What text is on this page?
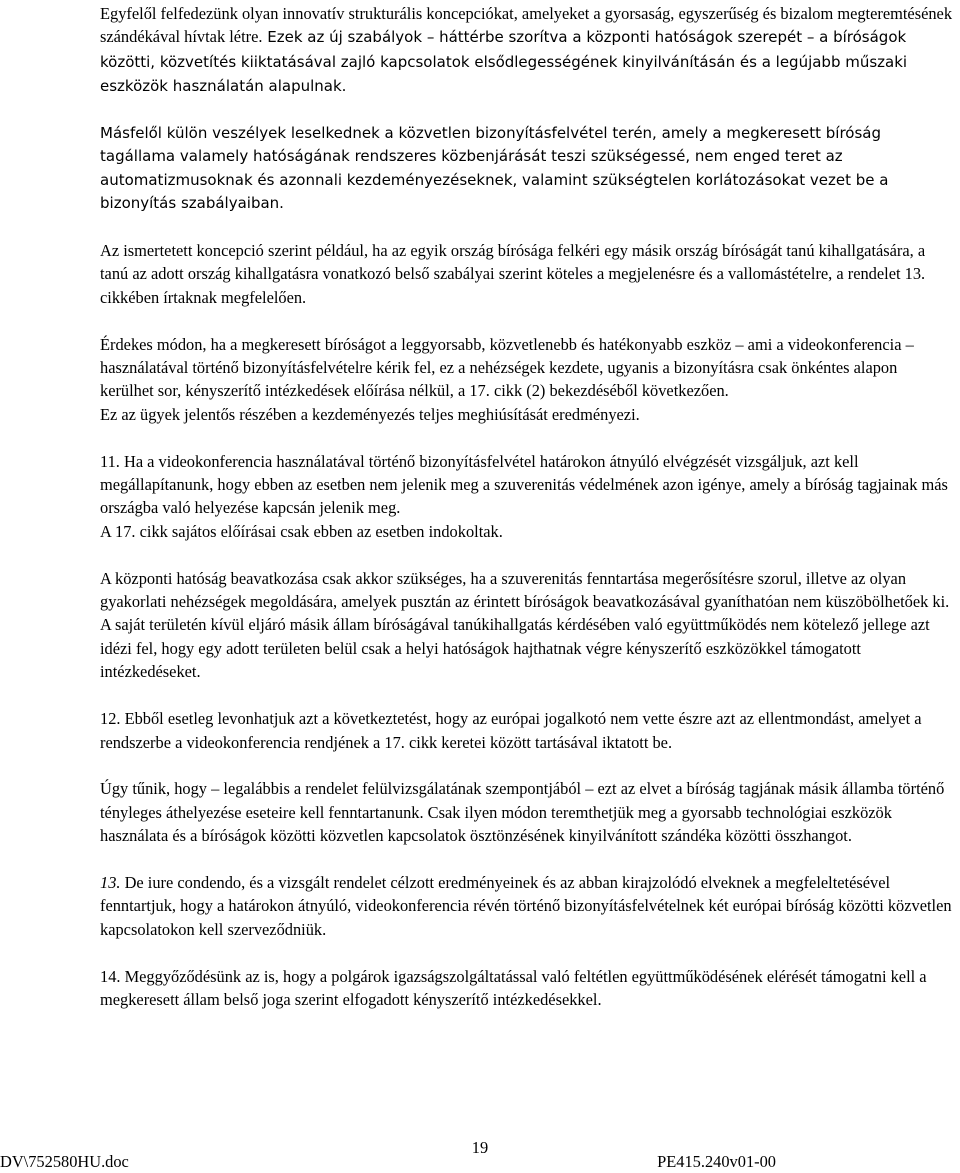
Egyfelől felfedezünk olyan innovatív strukturális koncepciókat, amelyeket a gyorsaság, egyszerűség és bizalom megteremtésének szándékával hívtak létre. Ezek az új szabályok – háttérbe szorítva a központi hatóságok szerepét – a bíróságok közötti, közvetítés kiiktatásával zajló kapcsolatok elsődlegességének kinyilvánításán és a legújabb műszaki eszközök használatán alapulnak.

Másfelől külön veszélyek leselkednek a közvetlen bizonyításfelvétel terén, amely a megkeresett bíróság tagállama valamely hatóságának rendszeres közbenjárását teszi szükségessé, nem enged teret az automatizmusoknak és azonnali kezdeményezéseknek, valamint szükségtelen korlátozásokat vezet be a bizonyítás szabályaiban.

Az ismertetett koncepció szerint például, ha az egyik ország bírósága felkéri egy másik ország bíróságát tanú kihallgatására, a tanú az adott ország kihallgatásra vonatkozó belső szabályai szerint köteles a megjelenésre és a vallomástételre, a rendelet 13. cikkében írtaknak megfelelően.

Érdekes módon, ha a megkeresett bíróságot a leggyorsabb, közvetlenebb és hatékonyabb eszköz – ami a videokonferencia – használatával történő bizonyításfelvételre kérik fel, ez a nehézségek kezdete, ugyanis a bizonyításra csak önkéntes alapon kerülhet sor, kényszerítő intézkedések előírása nélkül, a 17. cikk (2) bekezdéséből következően.

Ez az ügyek jelentős részében a kezdeményezés teljes meghiúsítását eredményezi.

11. Ha a videokonferencia használatával történő bizonyításfelvétel határokon átnyúló elvégzését vizsgáljuk, azt kell megállapítanunk, hogy ebben az esetben nem jelenik meg a szuverenitás védelmének azon igénye, amely a bíróság tagjainak más országba való helyezése kapcsán jelenik meg.

A 17. cikk sajátos előírásai csak ebben az esetben indokoltak.

A központi hatóság beavatkozása csak akkor szükséges, ha a szuverenitás fenntartása megerősítésre szorul, illetve az olyan gyakorlati nehézségek megoldására, amelyek pusztán az érintett bíróságok beavatkozásával gyaníthatóan nem küszöbölhetőek ki.

A saját területén kívül eljáró másik állam bíróságával tanúkihallgatás kérdésében való együttműködés nem kötelező jellege azt idézi fel, hogy egy adott területen belül csak a helyi hatóságok hajthatnak végre kényszerítő eszközökkel támogatott intézkedéseket.

12. Ebből esetleg levonhatjuk azt a következtetést, hogy az európai jogalkotó nem vette észre azt az ellentmondást, amelyet a rendszerbe a videokonferencia rendjének a 17. cikk keretei között tartásával iktatott be.

Úgy tűnik, hogy – legalábbis a rendelet felülvizsgálatának szempontjából – ezt az elvet a bíróság tagjának másik államba történő tényleges áthelyezése eseteire kell fenntartanunk. Csak ilyen módon teremthetjük meg a gyorsabb technológiai eszközök használata és a bíróságok közötti közvetlen kapcsolatok ösztönzésének kinyilvánított szándéka közötti összhangot.

13. De iure condendo, és a vizsgált rendelet célzott eredményeinek és az abban kirajzolódó elveknek a megfeleltetésével fenntartjuk, hogy a határokon átnyúló, videokonferencia révén történő bizonyításfelvételnek két európai bíróság közötti közvetlen kapcsolatokon kell szerveződniük.

14. Meggyőződésünk az is, hogy a polgárok igazságszolgáltatással való feltétlen együttműködésének elérését támogatni kell a megkeresett állam belső joga szerint elfogadott kényszerítő intézkedésekkel.

DV\752580HU.doc
19
PE415.240v01-00
